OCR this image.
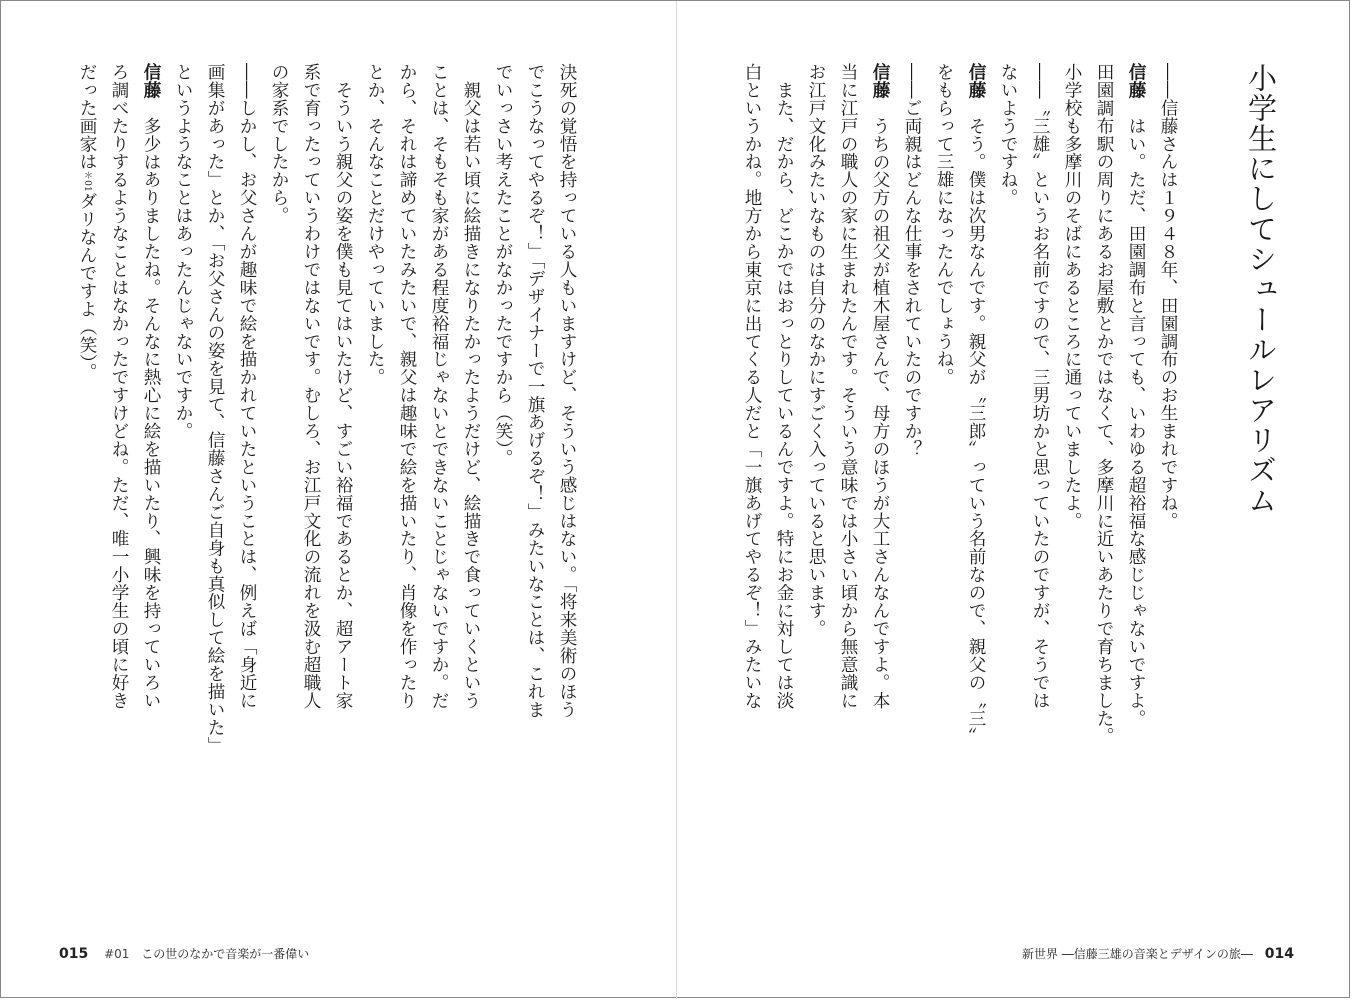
小学生にしてシュールレアリズム

――信藤さんは１９４８年、田園調布のお生まれですね。

信藤　はい。ただ、田園調布と言っても、いわゆる超裕福な感じじゃないですよ。
田園調布駅の周りにあるお屋敷とかではなくて、多摩川に近いあたりで育ちました。
小学校も多摩川のそばにあるところに通っていましたよ。

――〝三雄〟というお名前ですので、三男坊かと思っていたのですが、そうでは
ないようですね。

信藤　そう。僕は次男なんです。親父が〝三郎〟っていう名前なので、親父の〝三〟
をもらって三雄になったんでしょうね。

――ご両親はどんな仕事をされていたのですか？

信藤　うちの父方の祖父が植木屋さんで、母方のほうが大工さんなんですよ。本
当に江戸の職人の家に生まれたんです。そういう意味では小さい頃から無意識に
お江戸文化みたいなものは自分のなかにすごく入っていると思います。

　また、だから、どこかではおっとりしているんですよ。特にお金に対しては淡
白というかね。地方から東京に出てくる人だと「一旗あげてやるぞ！」みたいな

決死の覚悟を持っている人もいますけど、そういう感じはない。「将来美術のほう
でこうなってやるぞ！」「デザイナーで一旗あげるぞ！」みたいなことは、これま
でいっさい考えたことがなかったですから（笑）。

　親父は若い頃に絵描きになりたかったようだけど、絵描きで食っていくという
ことは、そもそも家がある程度裕福じゃないとできないことじゃないですか。だ
から、それは諦めていたみたいで、親父は趣味で絵を描いたり、肖像を作ったり
とか、そんなことだけやっていました。

　そういう親父の姿を僕も見てはいたけど、すごい裕福であるとか、超アート家
系で育ったっていうわけではないです。むしろ、お江戸文化の流れを汲む超職人
の家系でしたから。

――しかし、お父さんが趣味で絵を描かれていたということは、例えば「身近に
画集があった」とか、「お父さんの姿を見て、信藤さんご自身も真似して絵を描いた」
というようなことはあったんじゃないですか。

信藤　多少はありましたね。そんなに熱心に絵を描いたり、興味を持っていろい
ろ調べたりするようなことはなかったですけどね。ただ、唯一小学生の頃に好き
だった画家は＊01ダリなんですよ（笑）。

015 #01 この世のなかで音楽が一番偉い	新世界 ―信藤三雄の音楽とデザインの旅― 014
